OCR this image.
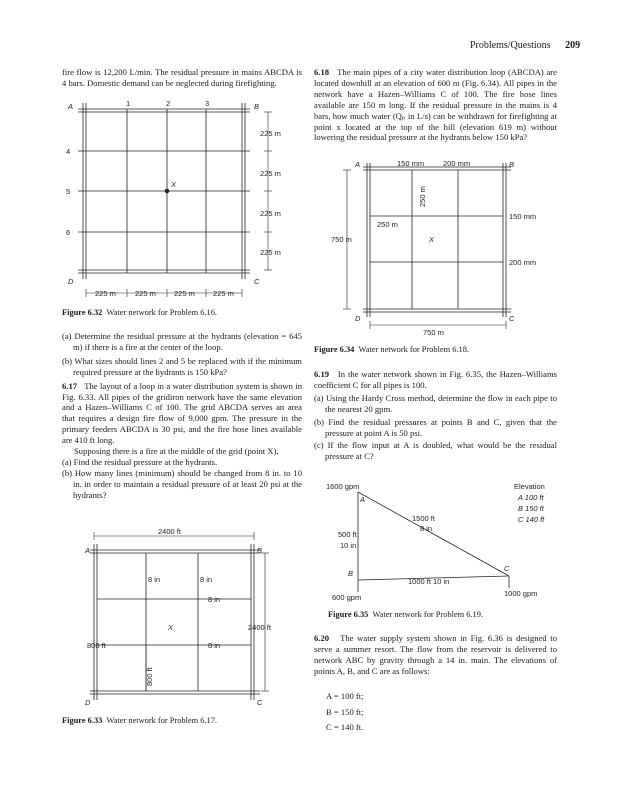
Problems/Questions 209
fire flow is 12,200 L/min. The residual pressure in mains ABCDA is 4 bars. Domestic demand can be neglected during firefighting.
A	B
C
D
1	2	3
4
5
6
X
225 m
225 m
225 m
225 m
225 m	225 m 225 m 225 m
Figure 6.32 Water network for Problem 6.16.

(a) Determine the residual pressure at the hydrants (elevation = 645 m) if there is a fire at the center of the loop.

(b) What sizes should lines 2 and 5 be replaced with if the minimum required pressure at the hydrants is 150 kPa?

6.17 The layout of a loop in a water distribution system is shown in Fig. 6.33. All pipes of the gridiron network have the same elevation and a Hazen–Williams C of 100. The grid ABCDA serves an area that requires a design fire flow of 9,000 gpm. The pressure in the primary feeders ABCDA is 30 psi, and the fire hose lines available are 410 ft long.

Supposing there is a fire at the middle of the grid (point X),

(a) Find the residual pressure at the hydrants.

(b) How many lines (minimum) should be changed from 8 in. to 10 in. in order to maintain a residual pressure of at least 20 psi at the hydrants?

2400 ft
A	B
C
D
8 in	8 in
8 in
8 in
X	2400 ft
800 ft
800 ft
Figure 6.33 Water network for Problem 6.17.

6.18 The main pipes of a city water distribution loop (ABCDA) are located downhill at an elevation of 600 m (Fig. 6.34). All pipes in the network have a Hazen–Williams C of 100. The fire hose lines available are 150 m long. If the residual pressure in the mains is 4 bars, how much water (Qₚ in L/s) can be withdrawn for firefighting at point x located at the top of the hill (elevation 619 m) without lowering the residual pressure at the hydrants below 150 kPa?

A	B
C
D
150 mm	200 mm
250 m
250 m
150 mm
200 mm
750 m	X
750 m
Figure 6.34 Water network for Problem 6.18.

6.19 In the water network shown in Fig. 6.35, the Hazen–Williams coefficient C for all pipes is 100.

(a) Using the Hardy Cross method, determine the flow in each pipe to the nearest 20 gpm.

(b) Find the residual pressures at points B and C, given that the pressure at point A is 50 psi.

(c) If the flow input at A is doubled, what would be the residual pressure at C?

1600 gpm
A
B
C
Elevation
A 100 ft
B 150 ft
C 140 ft
1500 ft
8 in
500 ft
10 in
1000 ft 10 in
600 gpm	1000 gpm
Figure 6.35 Water network for Problem 6.19.

6.20 The water supply system shown in Fig. 6.36 is designed to serve a summer resort. The flow from the reservoir is delivered to network ABC by gravity through a 14 in. main. The elevations of points A, B, and C are as follows:

A = 100 ft;
B = 150 ft;
C = 140 ft.
